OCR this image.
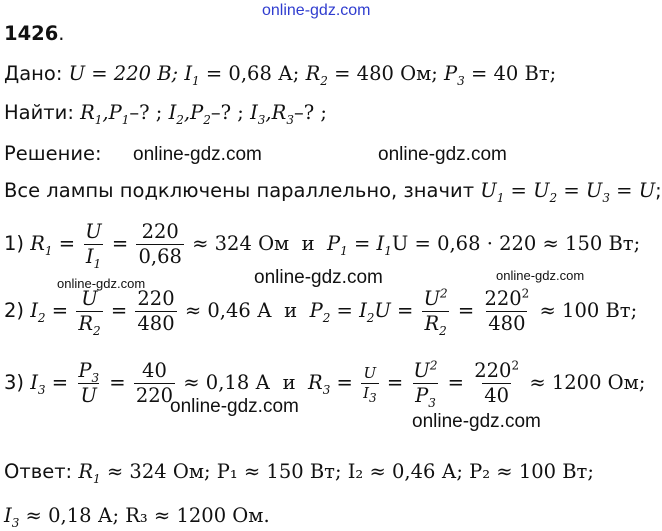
online-gdz.com
online-gdz.com	online-gdz.com
online-gdz.com	online-gdz.com	online-gdz.com
online-gdz.com
online-gdz.com
1426.
Дано: U = 220 В; $I_1 = 0,68$ А; $R_2 = 480$ Ом; $P_3 = 40$ Вт;
Найти: $R_1,P_1-$? ; $I_2,P_2-$? ; $I_3,R_3-$? ;
Решение:
Все лампы подключены параллельно, значит $U_1 = U_2 = U_3 = U$;
1) $R_1 = \frac{U}{I_1} = \frac{220}{0,68} \approx 324$ Ом и $P_1 = I_1U = 0,68 \cdot 220 \approx 150$ Вт;
2) $I_2 = \frac{U}{R_2} = \frac{220}{480} \approx 0,46$ А и $P_2 = I_2U = \frac{U^2}{R_2} = \frac{220^2}{480} \approx 100$ Вт;
3) $I_3 = \frac{P_3}{U} = \frac{40}{220} \approx 0,18$ А и $R_3 = \frac{U}{I_3} = \frac{U^2}{P_3} = \frac{220^2}{40} \approx 1200$ Ом;
Ответ: $R_1 \approx 324$ Ом; P₁ ≈ 150 Вт; I₂ ≈ 0,46 А; P₂ ≈ 100 Вт;
$I_3 \approx 0,18$ А; R₃ ≈ 1200 Ом.
